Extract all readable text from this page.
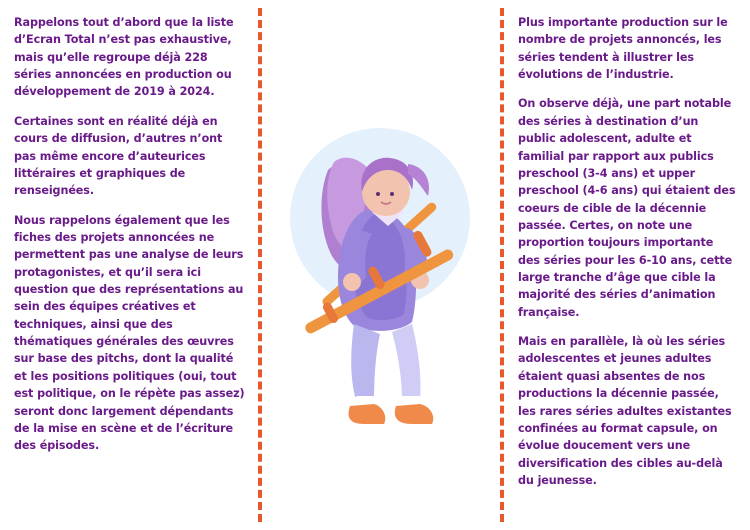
Rappelons tout d’abord que la liste d’Ecran Total n’est pas exhaustive, mais qu’elle regroupe déjà 228 séries annoncées en production ou développement de 2019 à 2024.

Certaines sont en réalité déjà en cours de diffusion, d’autres n’ont pas même encore d’auteurices littéraires et graphiques de renseignées.

Nous rappelons également que les fiches des projets annoncées ne permettent pas une analyse de leurs protagonistes, et qu’il sera ici question que des représentations au sein des équipes créatives et techniques, ainsi que des thématiques générales des œuvres sur base des pitchs, dont la qualité et les positions politiques (oui, tout est politique, on le répète pas assez) seront donc largement dépendants de la mise en scène et de l’écriture des épisodes.

Plus importante production sur le nombre de projets annoncés, les séries tendent à illustrer les évolutions de l’industrie.

On observe déjà, une part notable des séries à destination d’un public adolescent, adulte et familial par rapport aux publics preschool (3-4 ans) et upper preschool (4-6 ans) qui étaient des coeurs de cible de la décennie passée. Certes, on note une proportion toujours importante des séries pour les 6-10 ans, cette large tranche d’âge que cible la majorité des séries d’animation française.

Mais en parallèle, là où les séries adolescentes et jeunes adultes étaient quasi absentes de nos productions la décennie passée, les rares séries adultes existantes confinées au format capsule, on évolue doucement vers une diversification des cibles au-delà du jeunesse.
